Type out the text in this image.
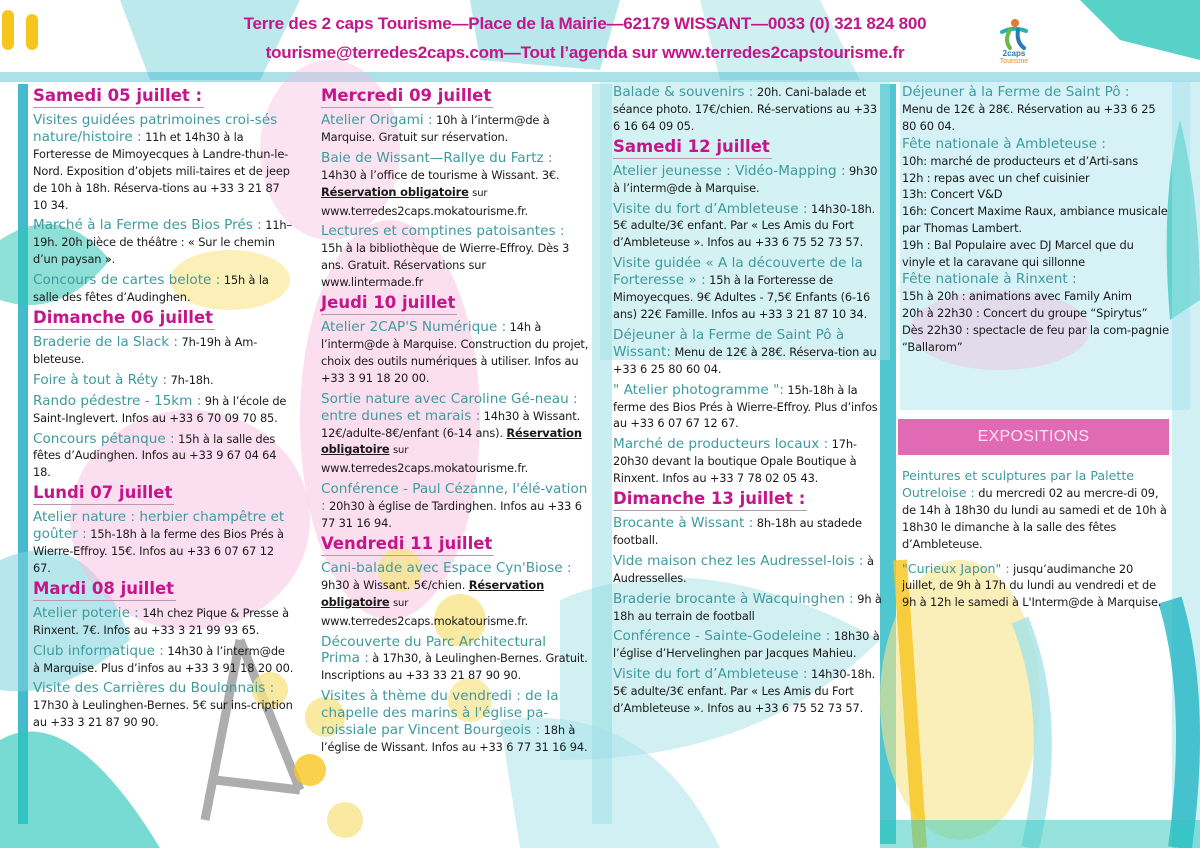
Terre des 2 caps Tourisme—Place de la Mairie—62179 WISSANT—0033 (0) 321 824 800
tourisme@terredes2caps.com—Tout l’agenda sur www.terredes2capstourisme.fr	2caps
Tourisme
Samedi 05 juillet :

Visites guidées patrimoines croi-sés nature/histoire : 11h et 14h30 à la Forteresse de Mimoyecques à Landre-thun-le-Nord. Exposition d’objets mili-taires et de jeep de 10h à 18h. Réserva-tions au +33 3 21 87 10 34.

Marché à la Ferme des Bios Prés : 11h– 19h. 20h pièce de théâtre : « Sur le chemin d’un paysan ».

Concours de cartes belote : 15h à la salle des fêtes d’Audinghen.

Dimanche 06 juillet

Braderie de la Slack : 7h-19h à Am-bleteuse.

Foire à tout à Réty : 7h-18h.

Rando pédestre - 15km : 9h à l’école de Saint-Inglevert. Infos au +33 6 70 09 70 85.

Concours pétanque : 15h à la salle des fêtes d’Audinghen. Infos au +33 9 67 04 64 18.

Lundi 07 juillet

Atelier nature : herbier champêtre et goûter : 15h-18h à la ferme des Bios Prés à Wierre-Effroy. 15€. Infos au +33 6 07 67 12 67.

Mardi 08 juillet

Atelier poterie : 14h chez Pique & Presse à Rinxent. 7€. Infos au +33 3 21 99 93 65.

Club informatique : 14h30 à l’interm@de à Marquise. Plus d’infos au +33 3 91 18 20 00.

Visite des Carrières du Boulonnais : 17h30 à Leulinghen-Bernes. 5€ sur ins-cription au +33 3 21 87 90 90.

Mercredi 09 juillet

Atelier Origami : 10h à l’interm@de à Marquise. Gratuit sur réservation.

Baie de Wissant—Rallye du Fartz : 14h30 à l’office de tourisme à Wissant. 3€. Réservation obligatoire sur www.terredes2caps.mokatourisme.fr.

Lectures et comptines patoisantes : 15h à la bibliothèque de Wierre-Effroy. Dès 3 ans. Gratuit. Réservations sur www.lintermade.fr

Jeudi 10 juillet

Atelier 2CAP'S Numérique : 14h à l’interm@de à Marquise. Construction du projet, choix des outils numériques à utiliser. Infos au +33 3 91 18 20 00.

Sortie nature avec Caroline Gé-neau : entre dunes et marais : 14h30 à Wissant. 12€/adulte-8€/enfant (6-14 ans). Réservation obligatoire sur www.terredes2caps.mokatourisme.fr.

Conférence - Paul Cézanne, l'élé-vation : 20h30 à église de Tardinghen. Infos au +33 6 77 31 16 94.

Vendredi 11 juillet

Cani-balade avec Espace Cyn'Biose : 9h30 à Wissant. 5€/chien. Réservation obligatoire sur www.terredes2caps.mokatourisme.fr.

Découverte du Parc Architectural Prima : à 17h30, à Leulinghen-Bernes. Gratuit. Inscriptions au +33 33 21 87 90 90.

Visites à thème du vendredi : de la chapelle des marins à l'église pa-roissiale par Vincent Bourgeois : 18h à l’église de Wissant. Infos au +33 6 77 31 16 94.

Balade & souvenirs : 20h. Cani-balade et séance photo. 17€/chien. Ré-servations au +33 6 16 64 09 05.

Samedi 12 juillet

Atelier jeunesse : Vidéo-Mapping : 9h30 à l’interm@de à Marquise.

Visite du fort d’Ambleteuse : 14h30-18h. 5€ adulte/3€ enfant. Par « Les Amis du Fort d’Ambleteuse ». Infos au +33 6 75 52 73 57.

Visite guidée « A la découverte de la Forteresse » : 15h à la Forteresse de Mimoyecques. 9€ Adultes - 7,5€ Enfants (6-16 ans) 22€ Famille. Infos au +33 3 21 87 10 34.

Déjeuner à la Ferme de Saint Pô à Wissant: Menu de 12€ à 28€. Réserva-tion au +33 6 25 80 60 04.

" Atelier photogramme ": 15h-18h à la ferme des Bios Prés à Wierre-Effroy. Plus d’infos au +33 6 07 67 12 67.

Marché de producteurs locaux : 17h-20h30 devant la boutique Opale Boutique à Rinxent. Infos au +33 7 78 02 05 43.

Dimanche 13 juillet :

Brocante à Wissant : 8h-18h au stadede football.

Vide maison chez les Audressel-lois : à Audresselles.

Braderie brocante à Wacquinghen : 9h à 18h au terrain de football

Conférence - Sainte-Godeleine : 18h30 à l’église d’Hervelinghen par Jacques Mahieu.

Visite du fort d’Ambleteuse : 14h30-18h. 5€ adulte/3€ enfant. Par « Les Amis du Fort d’Ambleteuse ». Infos au +33 6 75 52 73 57.

Déjeuner à la Ferme de Saint Pô :
Menu de 12€ à 28€. Réservation au +33 6 25 80 60 04.

Fête nationale à Ambleteuse :

10h: marché de producteurs et d’Arti-sans
12h : repas avec un chef cuisinier
13h: Concert V&D
16h: Concert Maxime Raux, ambiance musicale par Thomas Lambert.
19h : Bal Populaire avec DJ Marcel que du vinyle et la caravane qui sillonne

Fête nationale à Rinxent :

15h à 20h : animations avec Family Anim
20h à 22h30 : Concert du groupe “Spirytus”
Dès 22h30 : spectacle de feu par la com-pagnie “Ballarom”
EXPOSITIONS

Peintures et sculptures par la Palette Outreloise : du mercredi 02 au mercre-di 09, de 14h à 18h30 du lundi au samedi et de 10h à 18h30 le dimanche à la salle des fêtes d’Ambleteuse.

"Curieux Japon" : jusqu’audimanche 20 juillet, de 9h à 17h du lundi au vendredi et de 9h à 12h le samedi à L'Interm@de à Marquise.
